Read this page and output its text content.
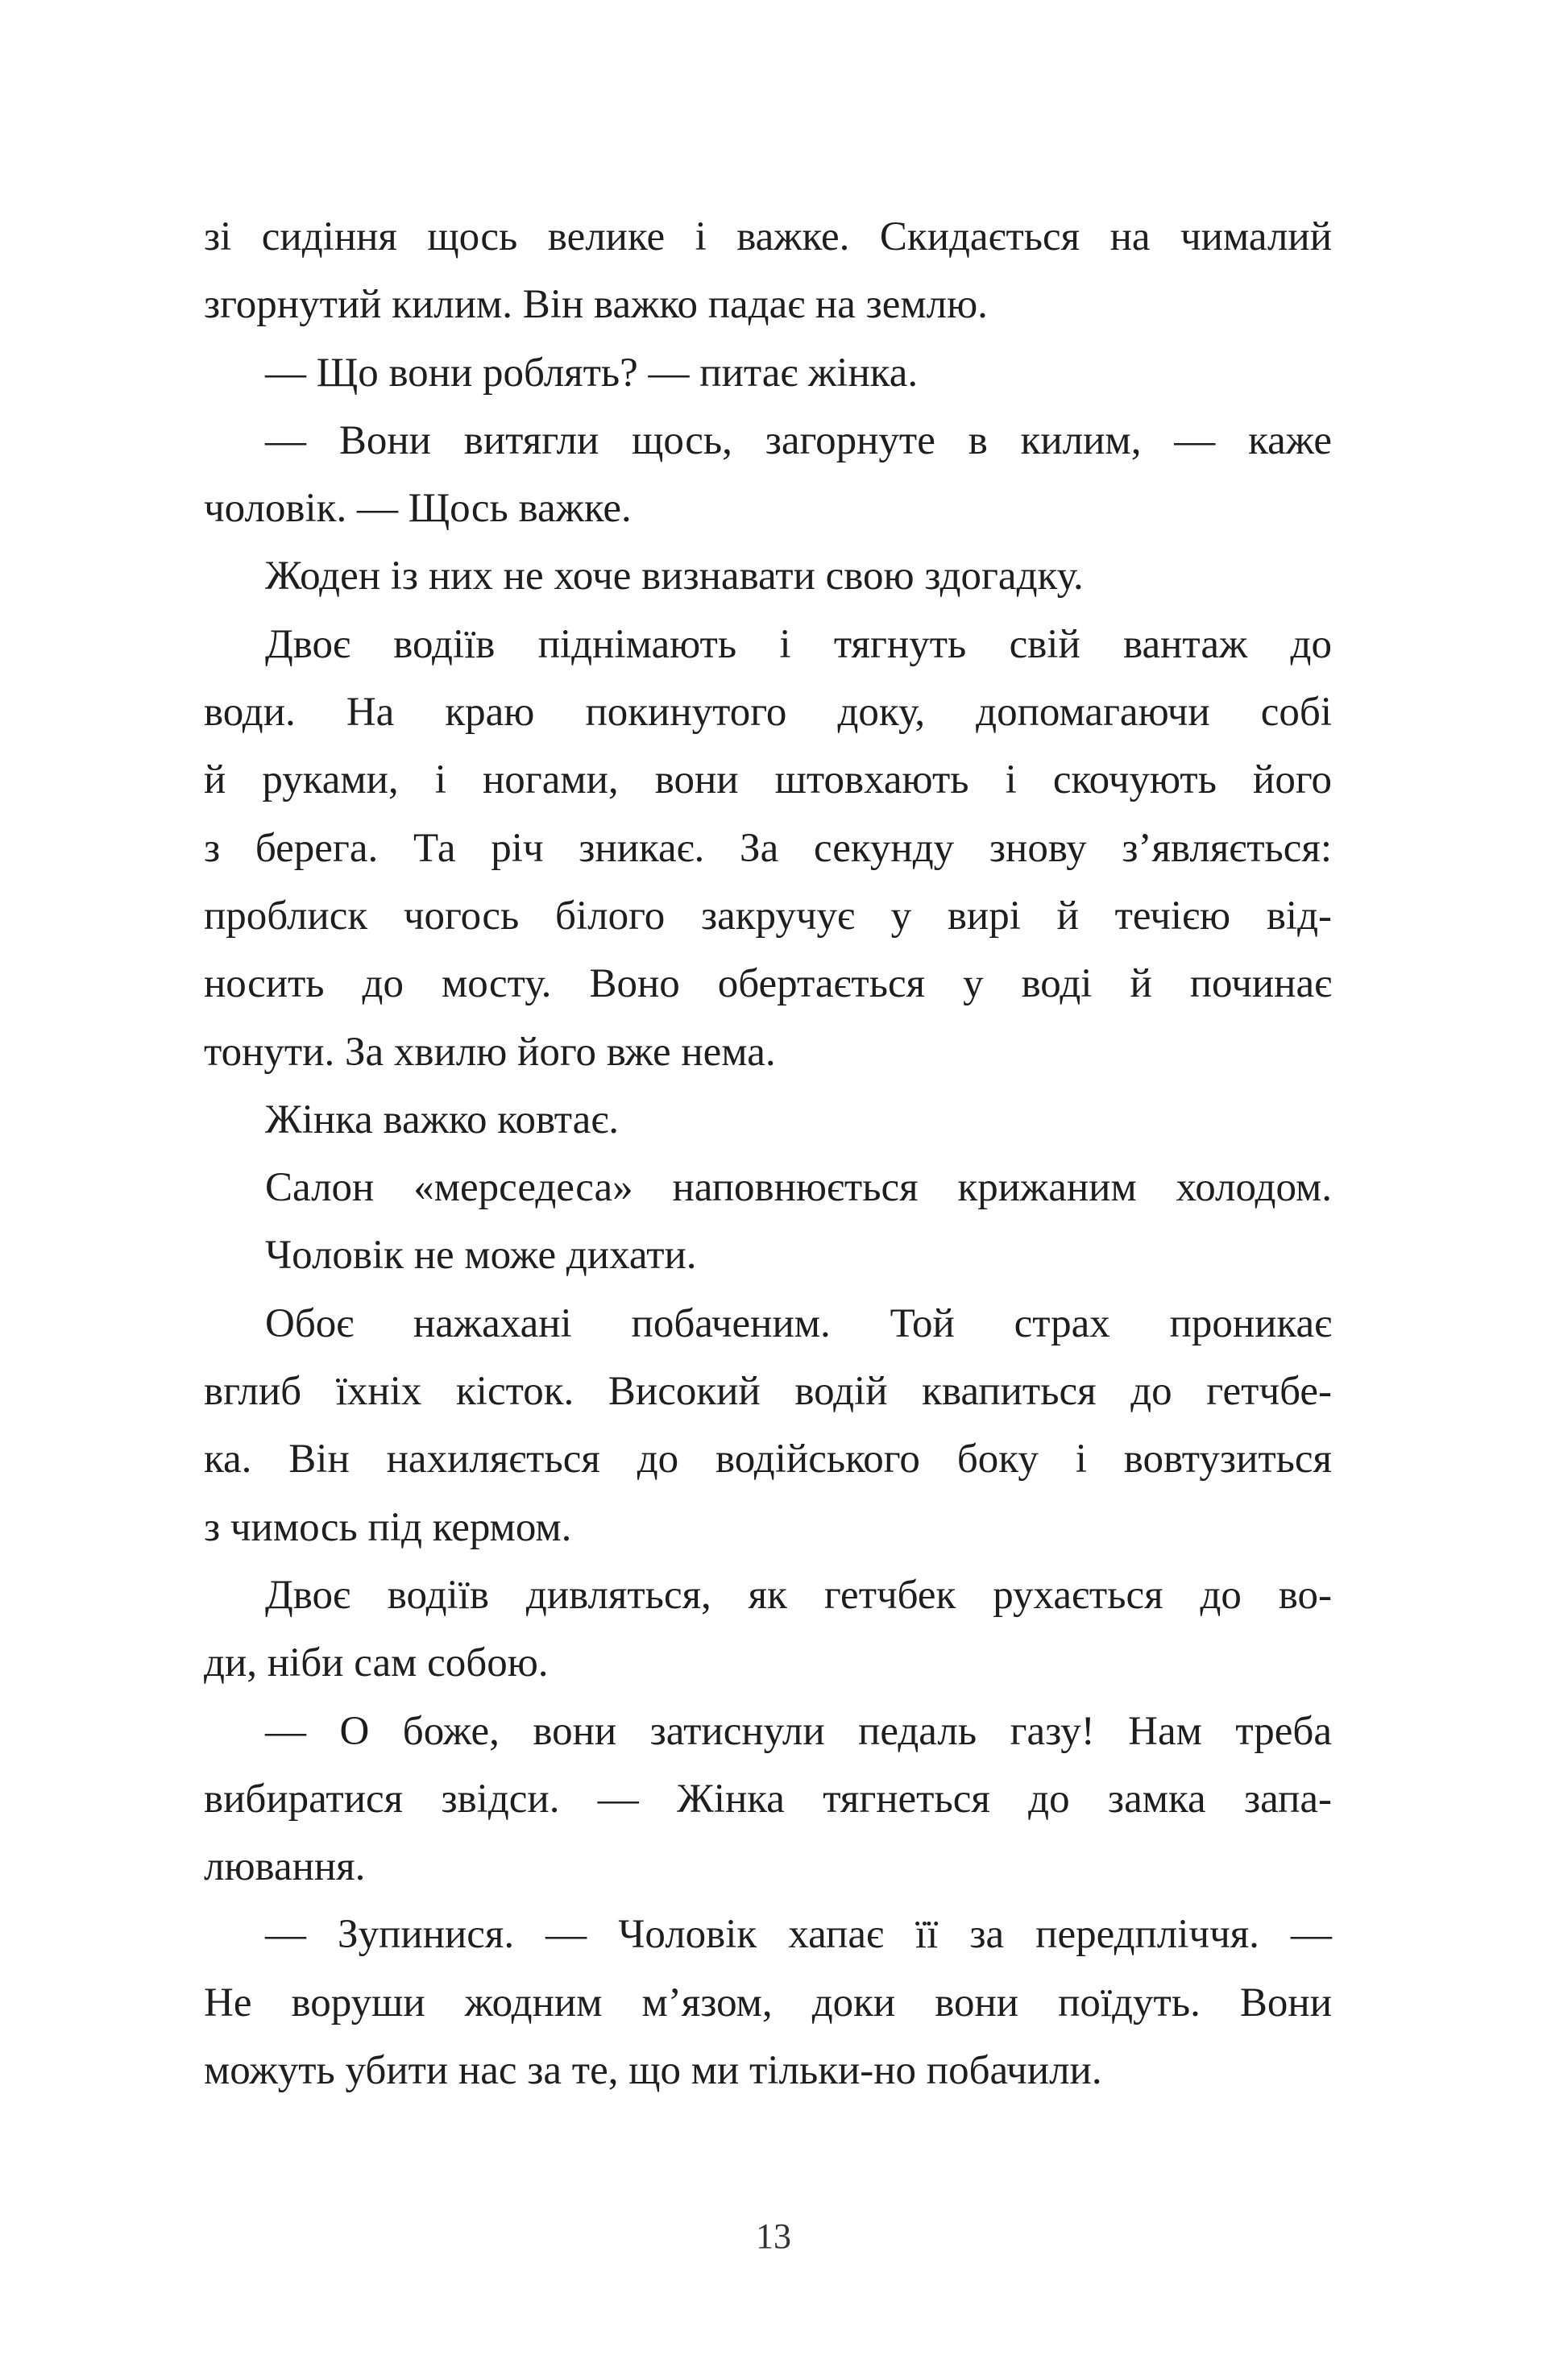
зі сидіння щось велике і важке. Скидається на чималий
згорнутий килим. Він важко падає на землю.
— Що вони роблять? — питає жінка.
— Вони витягли щось, загорнуте в килим, — каже
чоловік. — Щось важке.
Жоден із них не хоче визнавати свою здогадку.
Двоє водіїв піднімають і тягнуть свій вантаж до
води. На краю покинутого доку, допомагаючи собі
й руками, і ногами, вони штовхають і скочують його
з берега. Та річ зникає. За секунду знову з’являється:
проблиск чогось білого закручує у вирі й течією від-
носить до мосту. Воно обертається у воді й починає
тонути. За хвилю його вже нема.
Жінка важко ковтає.
Салон «мерседеса» наповнюється крижаним холодом.
Чоловік не може дихати.
Обоє нажахані побаченим. Той страх проникає
вглиб їхніх кісток. Високий водій квапиться до гетчбе-
ка. Він нахиляється до водійського боку і вовтузиться
з чимось під кермом.
Двоє водіїв дивляться, як гетчбек рухається до во-
ди, ніби сам собою.
— О боже, вони затиснули педаль газу! Нам треба
вибиратися звідси. — Жінка тягнеться до замка запа-
лювання.
— Зупинися. — Чоловік хапає її за передпліччя. —
Не воруши жодним м’язом, доки вони поїдуть. Вони
можуть убити нас за те, що ми тільки-но побачили.
13
